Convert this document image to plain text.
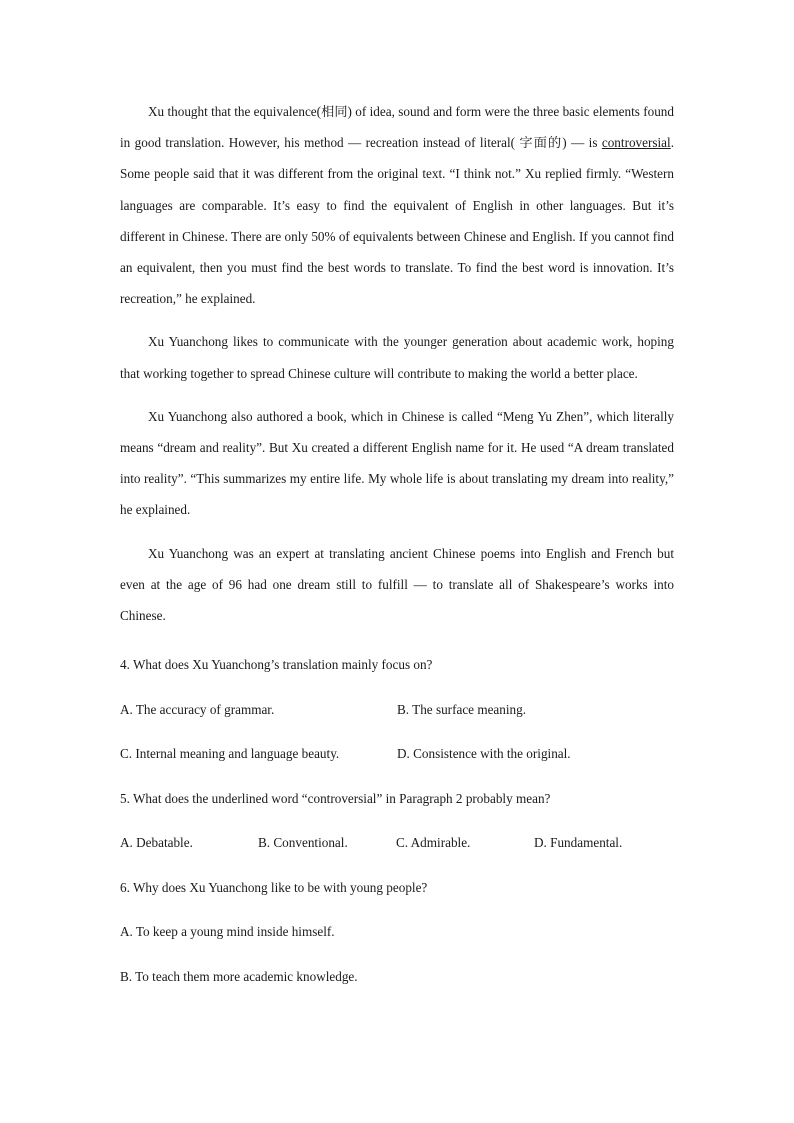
Xu thought that the equivalence(相同) of idea, sound and form were the three basic elements found in good translation. However, his method — recreation instead of literal( 字面的) — is controversial. Some people said that it was different from the original text. “I think not.” Xu replied firmly. “Western languages are comparable. It’s easy to find the equivalent of English in other languages. But it’s different in Chinese. There are only 50% of equivalents between Chinese and English. If you cannot find an equivalent, then you must find the best words to translate. To find the best word is innovation. It’s recreation,” he explained.

Xu Yuanchong likes to communicate with the younger generation about academic work, hoping that working together to spread Chinese culture will contribute to making the world a better place.

Xu Yuanchong also authored a book, which in Chinese is called “Meng Yu Zhen”, which literally means “dream and reality”. But Xu created a different English name for it. He used “A dream translated into reality”. “This summarizes my entire life. My whole life is about translating my dream into reality,” he explained.

Xu Yuanchong was an expert at translating ancient Chinese poems into English and French but even at the age of 96 had one dream still to fulfill — to translate all of Shakespeare’s works into Chinese.

4. What does Xu Yuanchong’s translation mainly focus on?

A. The accuracy of grammar.	B. The surface meaning.
C. Internal meaning and language beauty.	D. Consistence with the original.

5. What does the underlined word “controversial” in Paragraph 2 probably mean?

A. Debatable.	B. Conventional.	C. Admirable.	D. Fundamental.

6. Why does Xu Yuanchong like to be with young people?

A. To keep a young mind inside himself.

B. To teach them more academic knowledge.
